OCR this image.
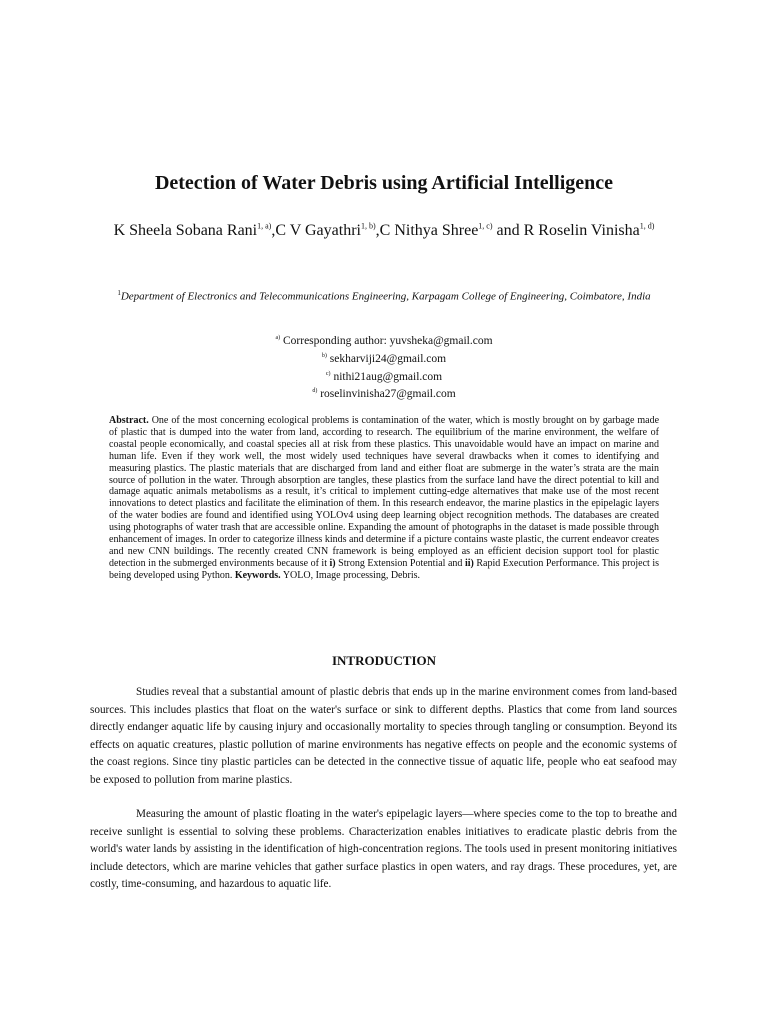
Detection of Water Debris using Artificial Intelligence
K Sheela Sobana Rani$^{1, a)}$,C V Gayathri$^{1, b)}$,C Nithya Shree$^{1, c)}$ and R Roselin Vinisha$^{1, d)}$
$^1$Department of Electronics and Telecommunications Engineering, Karpagam College of Engineering, Coimbatore, India
$^{a)}$ Corresponding author: yuvsheka@gmail.com
$^{b)}$ sekharviji24@gmail.com
$^{c)}$ nithi21aug@gmail.com
$^{d)}$ roselinvinisha27@gmail.com

Abstract. One of the most concerning ecological problems is contamination of the water, which is mostly brought on by garbage made of plastic that is dumped into the water from land, according to research. The equilibrium of the marine environment, the welfare of coastal people economically, and coastal species all at risk from these plastics. This unavoidable would have an impact on marine and human life. Even if they work well, the most widely used techniques have several drawbacks when it comes to identifying and measuring plastics. The plastic materials that are discharged from land and either float are submerge in the water’s strata are the main source of pollution in the water. Through absorption are tangles, these plastics from the surface land have the direct potential to kill and damage aquatic animals metabolisms as a result, it’s critical to implement cutting-edge alternatives that make use of the most recent innovations to detect plastics and facilitate the elimination of them. In this research endeavor, the marine plastics in the epipelagic layers of the water bodies are found and identified using YOLOv4 using deep learning object recognition methods. The databases are created using photographs of water trash that are accessible online. Expanding the amount of photographs in the dataset is made possible through enhancement of images. In order to categorize illness kinds and determine if a picture contains waste plastic, the current endeavor creates and new CNN buildings. The recently created CNN framework is being employed as an efficient decision support tool for plastic detection in the submerged environments because of it i) Strong Extension Potential and ii) Rapid Execution Performance. This project is being developed using Python. Keywords. YOLO, Image processing, Debris.

INTRODUCTION

Studies reveal that a substantial amount of plastic debris that ends up in the marine environment comes from land-based sources. This includes plastics that float on the water's surface or sink to different depths. Plastics that come from land sources directly endanger aquatic life by causing injury and occasionally mortality to species through tangling or consumption. Beyond its effects on aquatic creatures, plastic pollution of marine environments has negative effects on people and the economic systems of the coast regions. Since tiny plastic particles can be detected in the connective tissue of aquatic life, people who eat seafood may be exposed to pollution from marine plastics.

Measuring the amount of plastic floating in the water's epipelagic layers—where species come to the top to breathe and receive sunlight is essential to solving these problems. Characterization enables initiatives to eradicate plastic debris from the world's water lands by assisting in the identification of high-concentration regions. The tools used in present monitoring initiatives include detectors, which are marine vehicles that gather surface plastics in open waters, and ray drags. These procedures, yet, are costly, time-consuming, and hazardous to aquatic life.
